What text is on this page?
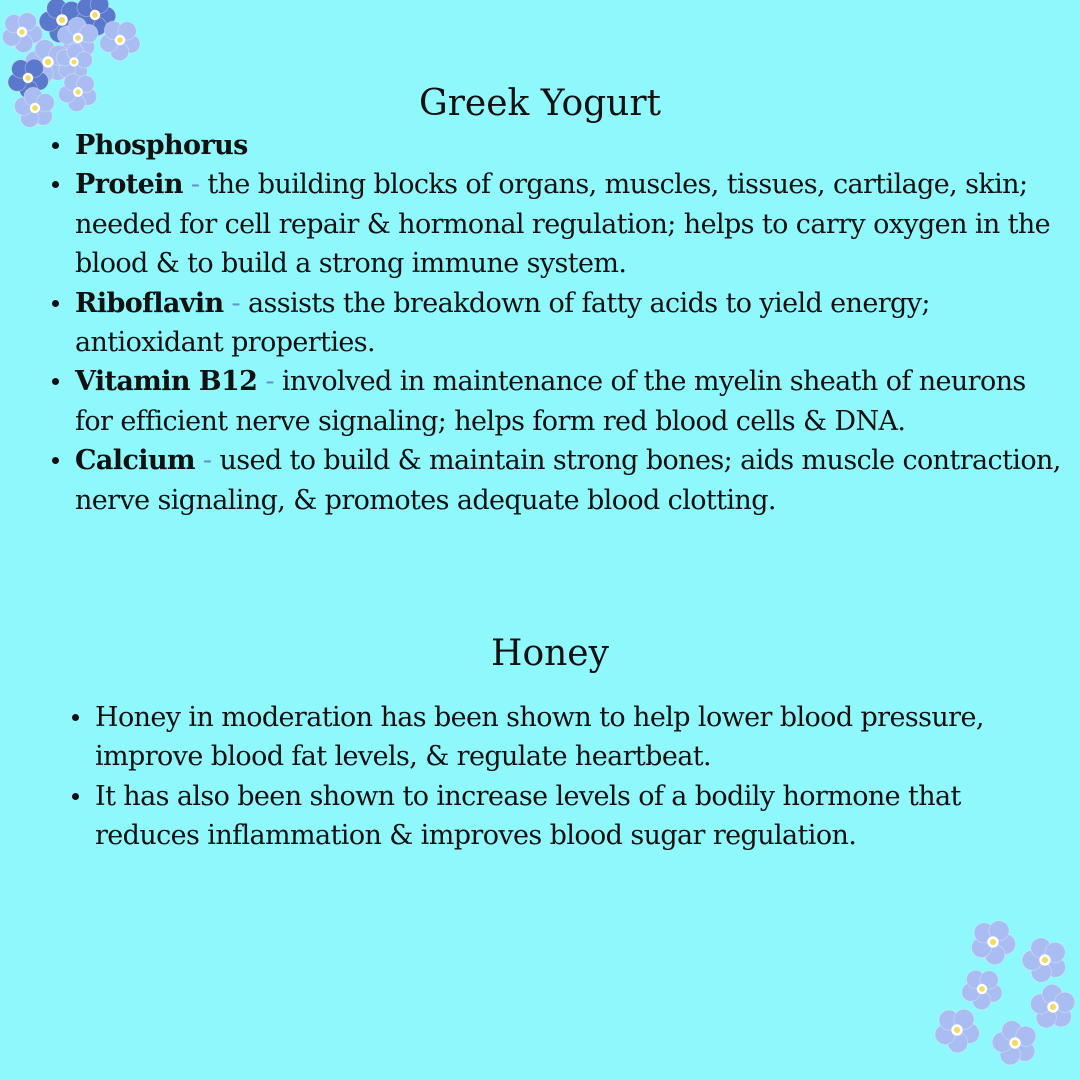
Greek Yogurt
Phosphorus
Protein - the building blocks of organs, muscles, tissues, cartilage, skin; needed for cell repair & hormonal regulation; helps to carry oxygen in the blood & to build a strong immune system.
Riboflavin - assists the breakdown of fatty acids to yield energy; antioxidant properties.
Vitamin B12 - involved in maintenance of the myelin sheath of neurons for efficient nerve signaling; helps form red blood cells & DNA.
Calcium - used to build & maintain strong bones; aids muscle contraction, nerve signaling, & promotes adequate blood clotting.
Honey
Honey in moderation has been shown to help lower blood pressure, improve blood fat levels, & regulate heartbeat.
It has also been shown to increase levels of a bodily hormone that reduces inflammation & improves blood sugar regulation.
